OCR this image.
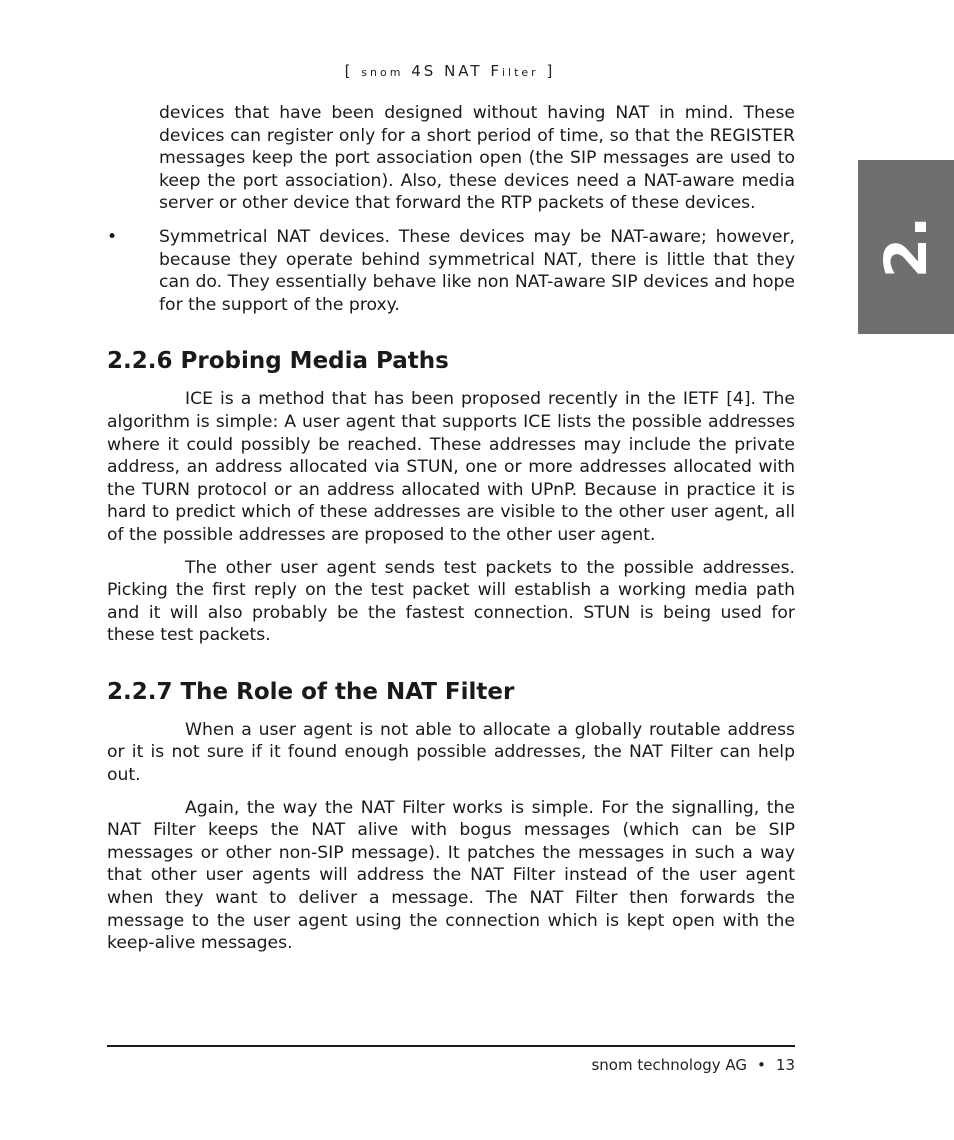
[ snom 4S NAT Filter ]
2.

devices that have been designed without having NAT in mind. These devices can register only for a short period of time, so that the REGISTER messages keep the port association open (the SIP messages are used to keep the port association). Also, these devices need a NAT-aware media server or other device that forward the RTP packets of these devices.

• Symmetrical NAT devices. These devices may be NAT-aware; however, because they operate behind symmetrical NAT, there is little that they can do. They essentially behave like non NAT-aware SIP devices and hope for the support of the proxy.

2.2.6 Probing Media Paths

ICE is a method that has been proposed recently in the IETF [4]. The algorithm is simple: A user agent that supports ICE lists the possible addresses where it could possibly be reached. These addresses may include the private address, an address allocated via STUN, one or more addresses allocated with the TURN protocol or an address allocated with UPnP. Because in practice it is hard to predict which of these addresses are visible to the other user agent, all of the possible addresses are proposed to the other user agent.

The other user agent sends test packets to the possible addresses. Picking the first reply on the test packet will establish a working media path and it will also probably be the fastest connection. STUN is being used for these test packets.

2.2.7 The Role of the NAT Filter

When a user agent is not able to allocate a globally routable address or it is not sure if it found enough possible addresses, the NAT Filter can help out.

Again, the way the NAT Filter works is simple. For the signalling, the NAT Filter keeps the NAT alive with bogus messages (which can be SIP messages or other non-SIP message). It patches the messages in such a way that other user agents will address the NAT Filter instead of the user agent when they want to deliver a message. The NAT Filter then forwards the message to the user agent using the connection which is kept open with the keep-alive messages.

snom technology AG • 13
